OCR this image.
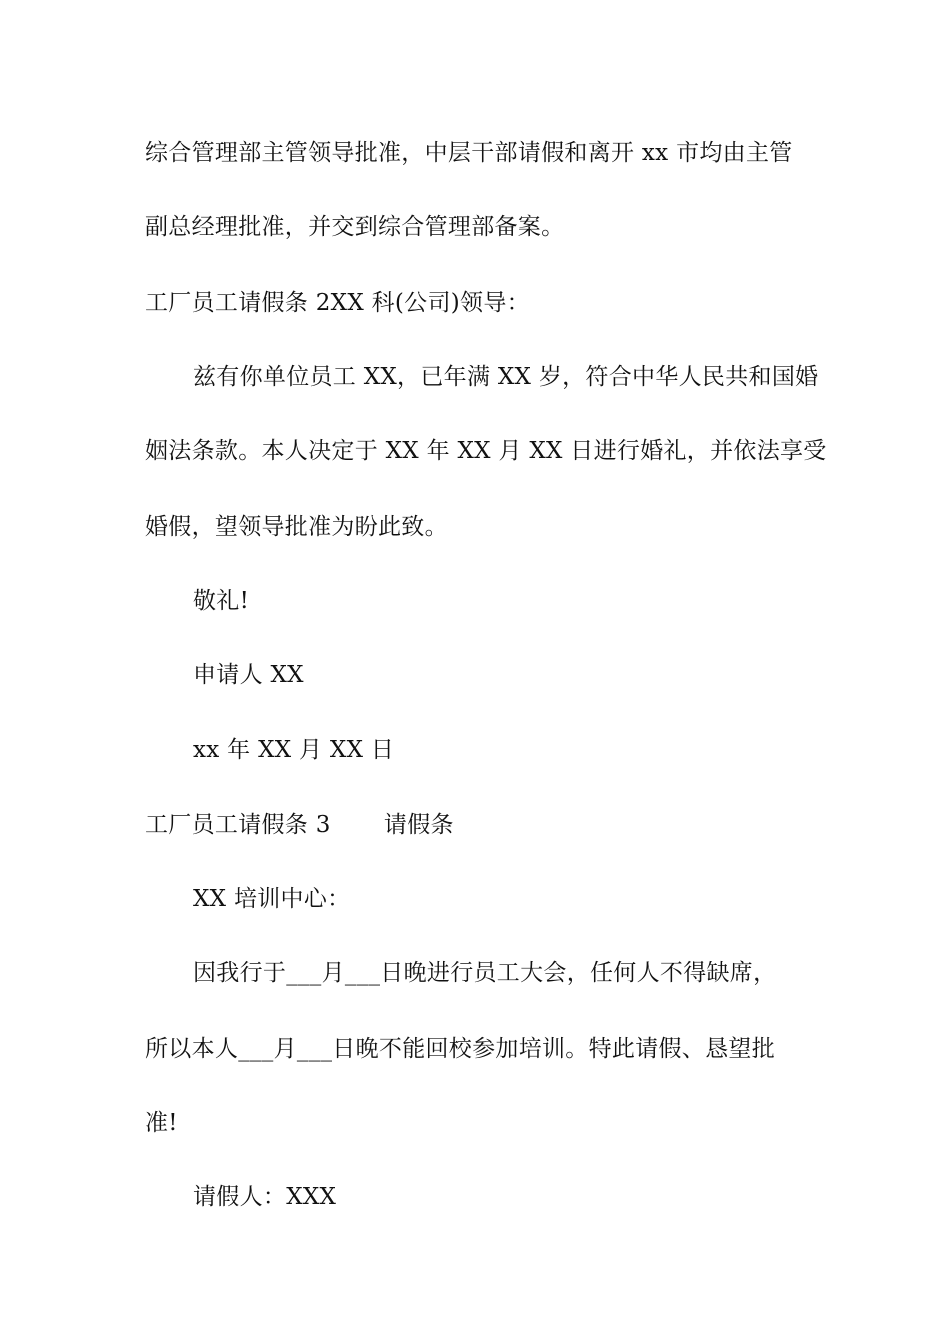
综合管理部主管领导批准，中层干部请假和离开 xx 市均由主管
副总经理批准，并交到综合管理部备案。
工厂员工请假条 2XX 科(公司)领导：
兹有你单位员工 XX，已年满 XX 岁，符合中华人民共和国婚
姻法条款。本人决定于 XX 年 XX 月 XX 日进行婚礼，并依法享受
婚假，望领导批准为盼此致。
敬礼!
申请人 XX
xx 年 XX 月 XX 日
工厂员工请假条 3       请假条
XX 培训中心：
因我行于___月___日晚进行员工大会，任何人不得缺席，
所以本人___月___日晚不能回校参加培训。特此请假、恳望批
准!
请假人：XXX
